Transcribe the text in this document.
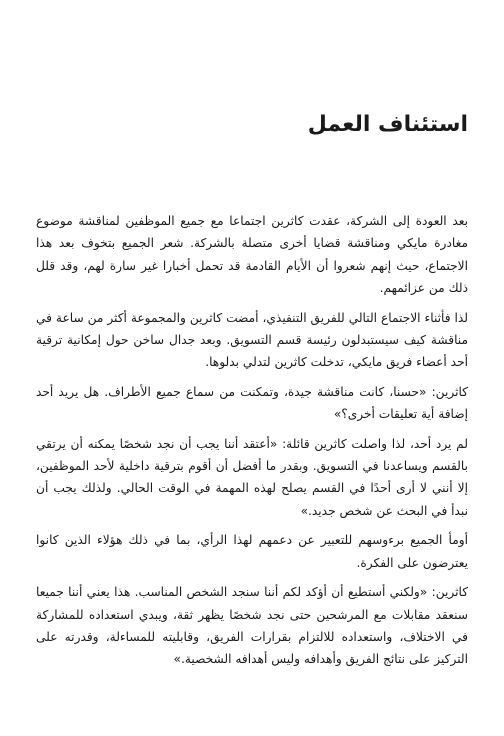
استئناف العمل

بعد العودة إلى الشركة، عقدت كاثرين اجتماعا مع جميع الموظفين لمناقشة موضوع مغادرة مايكي ومناقشة قضايا أخرى متصلة بالشركة. شعر الجميع بتخوف بعد هذا الاجتماع، حيث إنهم شعروا أن الأيام القادمة قد تحمل أخبارا غير سارة لهم، وقد قلل ذلك من عزائمهم.

لذا فأثناء الاجتماع التالي للفريق التنفيذي، أمضت كاثرين والمجموعة أكثر من ساعة في مناقشة كيف سيستبدلون رئيسة قسم التسويق. وبعد جدال ساخن حول إمكانية ترقية أحد أعضاء فريق مايكي، تدخلت كاثرين لتدلي بدلوها.

كاثرين: «حسنا، كانت مناقشة جيدة، وتمكنت من سماع جميع الأطراف. هل يريد أحد إضافة أية تعليقات أخرى؟»

لم يرد أحد، لذا واصلت كاثرين قائلة: «أعتقد أننا يجب أن نجد شخصًا يمكنه أن يرتقي بالقسم ويساعدنا في التسويق. وبقدر ما أفضل أن أقوم بترقية داخلية لأحد الموظفين، إلا أنني لا أرى أحدًا في القسم يصلح لهذه المهمة في الوقت الحالي. ولذلك يجب أن نبدأ في البحث عن شخص جديد.»

أومأ الجميع برءوسهم للتعبير عن دعمهم لهذا الرأي، بما في ذلك هؤلاء الذين كانوا يعترضون على الفكرة.

كاثرين: «ولكني أستطيع أن أؤكد لكم أننا سنجد الشخص المناسب. هذا يعني أننا جميعا سنعقد مقابلات مع المرشحين حتى نجد شخصًا يظهر ثقة، ويبدي استعداده للمشاركة في الاختلاف، واستعداده للالتزام بقرارات الفريق، وقابليته للمساءلة، وقدرته على التركيز على نتائج الفريق وأهدافه وليس أهدافه الشخصية.»
